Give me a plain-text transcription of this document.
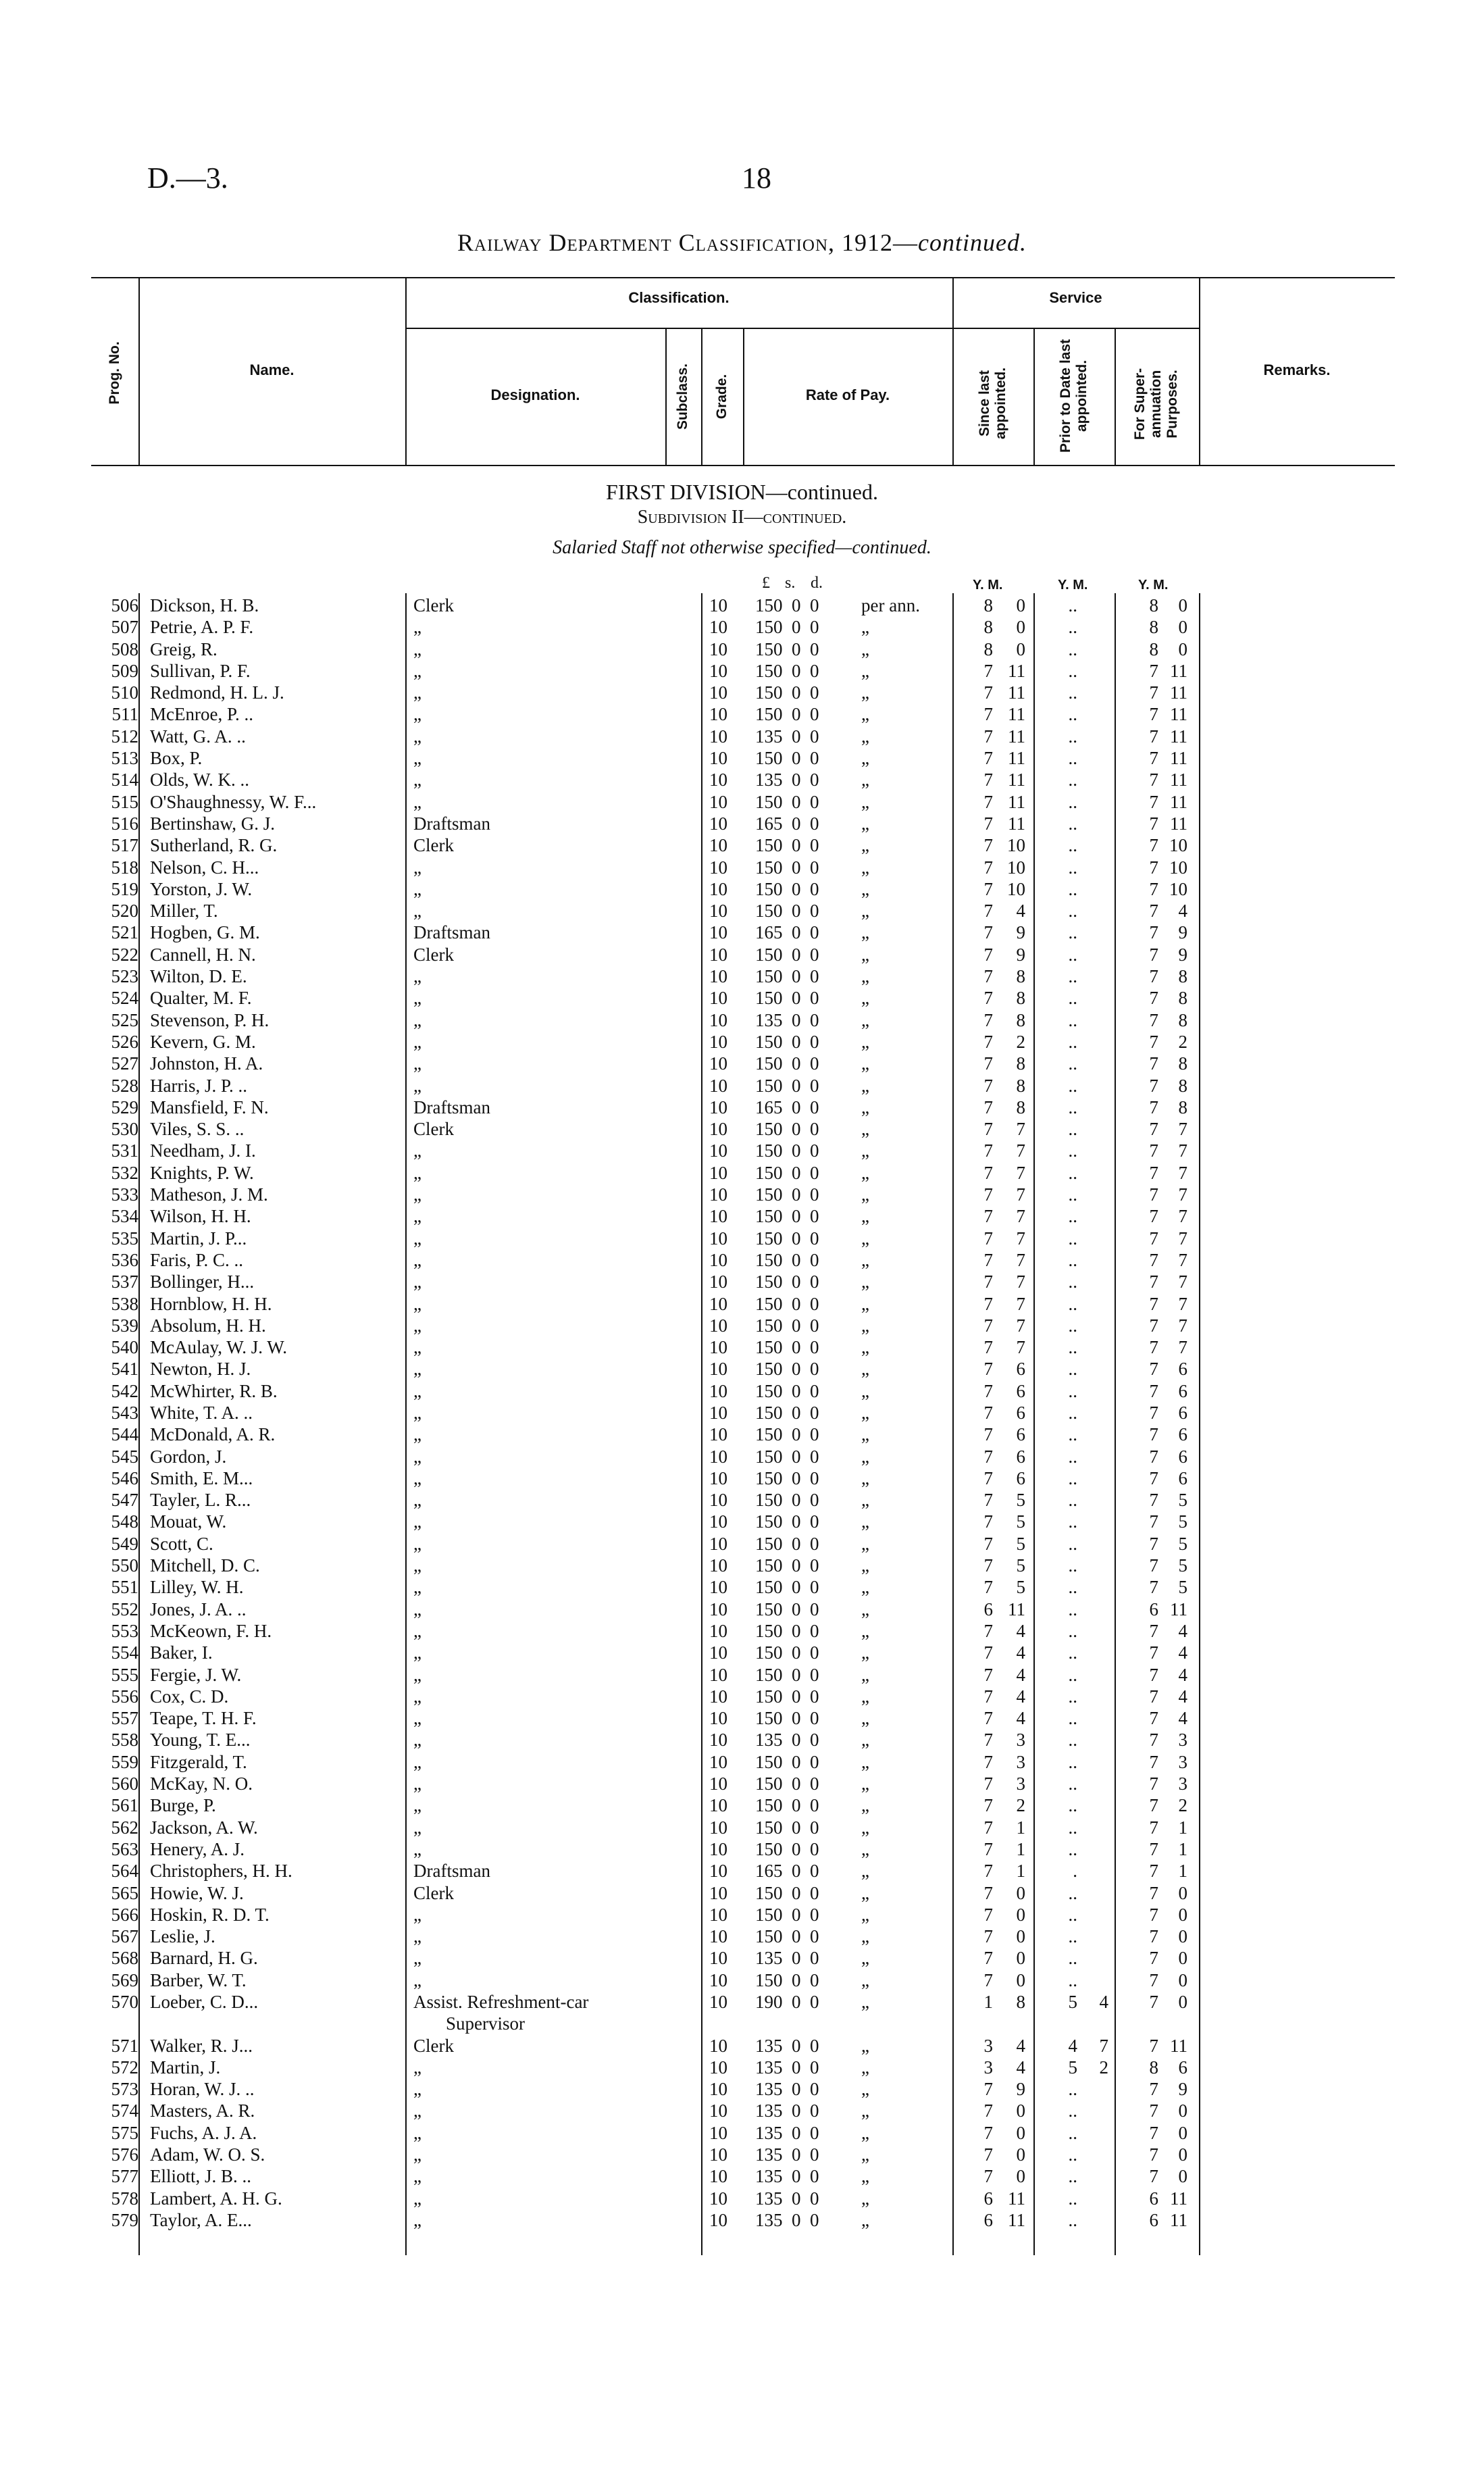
D.—3.	18
Railway Department Classification, 1912—continued.
Prog. No.	Name.
Classification.	Service
Designation.	Subclass. Grade.	Rate of Pay.	Since last appointed.	Prior to Date last appointed.	For Super-annuation Purposes.	Remarks.
FIRST DIVISION—continued.
Subdivision II—continued.
Salaried Staff not otherwise specified—continued.
£ s. d.	Y. M.	Y. M.	Y. M.
506 Dickson, H. B.	Clerk	10 150  0  0 per ann.	8	0	..	8	0
507 Petrie, A. P. F.	„	10 150  0  0 „	8	0	..	8	0
508 Greig, R.	„	10 150  0  0 „	8	0	..	8	0
509 Sullivan, P. F.	„	10 150  0  0 „	7 11	..	7 11
510 Redmond, H. L. J.	„	10 150  0  0 „	7 11	..	7 11
511 McEnroe, P. ..	„	10 150  0  0 „	7 11	..	7 11
512 Watt, G. A. ..	„	10 135  0  0 „	7 11	..	7 11
513 Box, P.	„	10 150  0  0 „	7 11	..	7 11
514 Olds, W. K. ..	„	10 135  0  0 „	7 11	..	7 11
515 O'Shaughnessy, W. F...	„	10 150  0  0 „	7 11	..	7 11
516 Bertinshaw, G. J.	Draftsman	10 165  0  0 „	7 11	..	7 11
517 Sutherland, R. G.	Clerk	10 150  0  0 „	7 10	..	7 10
518 Nelson, C. H...	„	10 150  0  0 „	7 10	..	7 10
519 Yorston, J. W.	„	10 150  0  0 „	7 10	..	7 10
520 Miller, T.	„	10 150  0  0 „	7	4	..	7	4
521 Hogben, G. M.	Draftsman	10 165  0  0 „	7	9	..	7	9
522 Cannell, H. N.	Clerk	10 150  0  0 „	7	9	..	7	9
523 Wilton, D. E.	„	10 150  0  0 „	7	8	..	7	8
524 Qualter, M. F.	„	10 150  0  0 „	7	8	..	7	8
525 Stevenson, P. H.	„	10 135  0  0 „	7	8	..	7	8
526 Kevern, G. M.	„	10 150  0  0 „	7	2	..	7	2
527 Johnston, H. A.	„	10 150  0  0 „	7	8	..	7	8
528 Harris, J. P. ..	„	10 150  0  0 „	7	8	..	7	8
529 Mansfield, F. N.	Draftsman	10 165  0  0 „	7	8	..	7	8
530 Viles, S. S. ..	Clerk	10 150  0  0 „	7	7	..	7	7
531 Needham, J. I.	„	10 150  0  0 „	7	7	..	7	7
532 Knights, P. W.	„	10 150  0  0 „	7	7	..	7	7
533 Matheson, J. M.	„	10 150  0  0 „	7	7	..	7	7
534 Wilson, H. H.	„	10 150  0  0 „	7	7	..	7	7
535 Martin, J. P...	„	10 150  0  0 „	7	7	..	7	7
536 Faris, P. C. ..	„	10 150  0  0 „	7	7	..	7	7
537 Bollinger, H...	„	10 150  0  0 „	7	7	..	7	7
538 Hornblow, H. H.	„	10 150  0  0 „	7	7	..	7	7
539 Absolum, H. H.	„	10 150  0  0 „	7	7	..	7	7
540 McAulay, W. J. W.	„	10 150  0  0 „	7	7	..	7	7
541 Newton, H. J.	„	10 150  0  0 „	7	6	..	7	6
542 McWhirter, R. B.	„	10 150  0  0 „	7	6	..	7	6
543 White, T. A. ..	„	10 150  0  0 „	7	6	..	7	6
544 McDonald, A. R.	„	10 150  0  0 „	7	6	..	7	6
545 Gordon, J.	„	10 150  0  0 „	7	6	..	7	6
546 Smith, E. M...	„	10 150  0  0 „	7	6	..	7	6
547 Tayler, L. R...	„	10 150  0  0 „	7	5	..	7	5
548 Mouat, W.	„	10 150  0  0 „	7	5	..	7	5
549 Scott, C.	„	10 150  0  0 „	7	5	..	7	5
550 Mitchell, D. C.	„	10 150  0  0 „	7	5	..	7	5
551 Lilley, W. H.	„	10 150  0  0 „	7	5	..	7	5
552 Jones, J. A. ..	„	10 150  0  0 „	6 11	..	6 11
553 McKeown, F. H.	„	10 150  0  0 „	7	4	..	7	4
554 Baker, I.	„	10 150  0  0 „	7	4	..	7	4
555 Fergie, J. W.	„	10 150  0  0 „	7	4	..	7	4
556 Cox, C. D.	„	10 150  0  0 „	7	4	..	7	4
557 Teape, T. H. F.	„	10 150  0  0 „	7	4	..	7	4
558 Young, T. E...	„	10 135  0  0 „	7	3	..	7	3
559 Fitzgerald, T.	„	10 150  0  0 „	7	3	..	7	3
560 McKay, N. O.	„	10 150  0  0 „	7	3	..	7	3
561 Burge, P.	„	10 150  0  0 „	7	2	..	7	2
562 Jackson, A. W.	„	10 150  0  0 „	7	1	..	7	1
563 Henery, A. J.	„	10 150  0  0 „	7	1	..	7	1
564 Christophers, H. H.	Draftsman	10 165  0  0 „	7	1	.	7	1
565 Howie, W. J.	Clerk	10 150  0  0 „	7	0	..	7	0
566 Hoskin, R. D. T.	„	10 150  0  0 „	7	0	..	7	0
567 Leslie, J.	„	10 150  0  0 „	7	0	..	7	0
568 Barnard, H. G.	„	10 135  0  0 „	7	0	..	7	0
569 Barber, W. T.	„	10 150  0  0 „	7	0	..	7	0
570 Loeber, C. D...	Assist. Refreshment-car	10 190  0  0 „	1	8	5	4	7	0
Supervisor
571 Walker, R. J...	Clerk	10 135  0  0 „	3	4	4	7	7 11
572 Martin, J.	„	10 135  0  0 „	3	4	5	2	8	6
573 Horan, W. J. ..	„	10 135  0  0 „	7	9	..	7	9
574 Masters, A. R.	„	10 135  0  0 „	7	0	..	7	0
575 Fuchs, A. J. A.	„	10 135  0  0 „	7	0	..	7	0
576 Adam, W. O. S.	„	10 135  0  0 „	7	0	..	7	0
577 Elliott, J. B. ..	„	10 135  0  0 „	7	0	..	7	0
578 Lambert, A. H. G.	„	10 135  0  0 „	6 11	..	6 11
579 Taylor, A. E...	„	10 135  0  0 „	6 11	..	6 11
